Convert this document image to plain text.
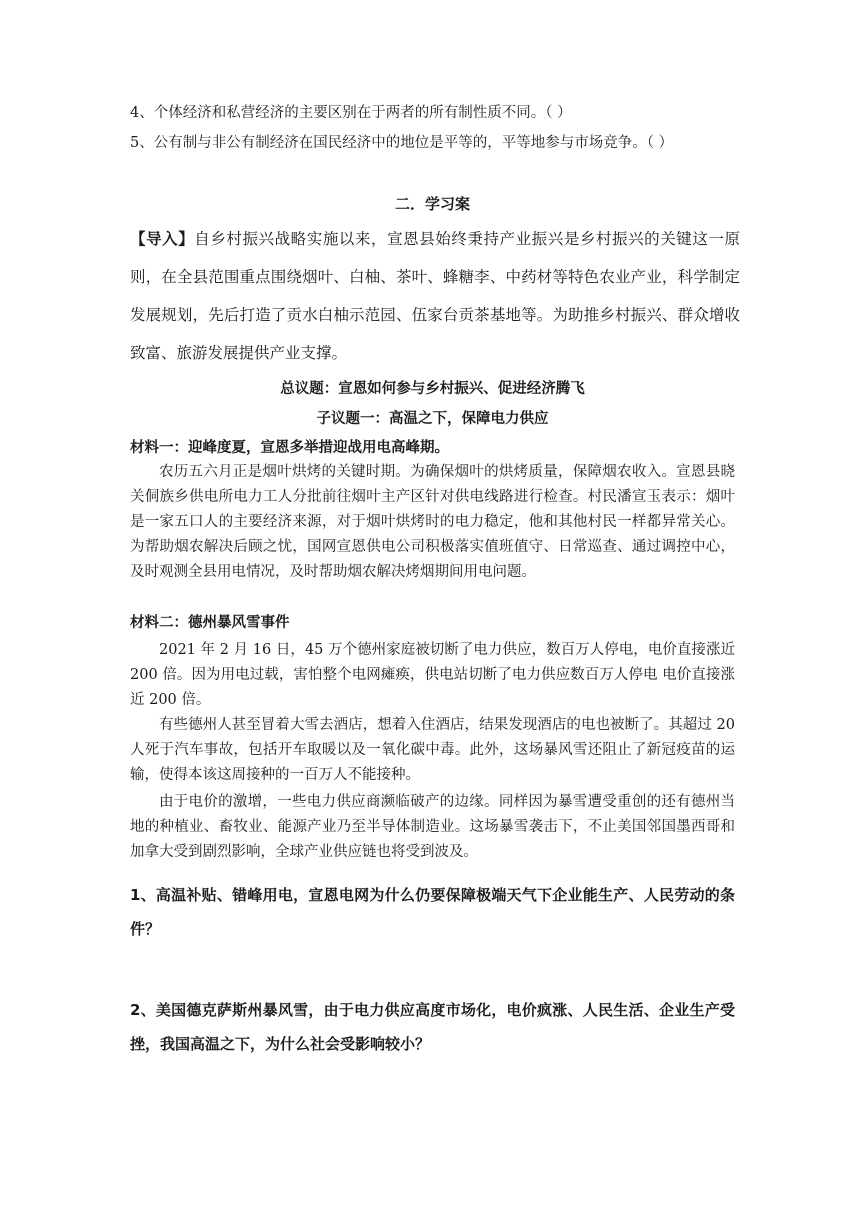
4、个体经济和私营经济的主要区别在于两者的所有制性质不同。（ ）
5、公有制与非公有制经济在国民经济中的地位是平等的，平等地参与市场竞争。（ ）
二．学习案
【导入】自乡村振兴战略实施以来，宣恩县始终秉持产业振兴是乡村振兴的关键这一原则，在全县范围重点围绕烟叶、白柚、茶叶、蜂糖李、中药材等特色农业产业，科学制定发展规划，先后打造了贡水白柚示范园、伍家台贡茶基地等。为助推乡村振兴、群众增收致富、旅游发展提供产业支撑。
总议题：宣恩如何参与乡村振兴、促进经济腾飞
子议题一：高温之下，保障电力供应
材料一：迎峰度夏，宣恩多举措迎战用电高峰期。
农历五六月正是烟叶烘烤的关键时期。为确保烟叶的烘烤质量，保障烟农收入。宣恩县晓关侗族乡供电所电力工人分批前往烟叶主产区针对供电线路进行检查。村民潘宣玉表示：烟叶是一家五口人的主要经济来源，对于烟叶烘烤时的电力稳定，他和其他村民一样都异常关心。为帮助烟农解决后顾之忧，国网宣恩供电公司积极落实值班值守、日常巡查、通过调控中心，及时观测全县用电情况，及时帮助烟农解决烤烟期间用电问题。
材料二：德州暴风雪事件
2021 年 2 月 16 日，45 万个德州家庭被切断了电力供应，数百万人停电，电价直接涨近 200 倍。因为用电过载，害怕整个电网瘫痪，供电站切断了电力供应数百万人停电 电价直接涨近 200 倍。
有些德州人甚至冒着大雪去酒店，想着入住酒店，结果发现酒店的电也被断了。其超过 20 人死于汽车事故，包括开车取暖以及一氧化碳中毒。此外，这场暴风雪还阻止了新冠疫苗的运输，使得本该这周接种的一百万人不能接种。
由于电价的激增，一些电力供应商濒临破产的边缘。同样因为暴雪遭受重创的还有德州当地的种植业、畜牧业、能源产业乃至半导体制造业。这场暴雪袭击下，不止美国邻国墨西哥和加拿大受到剧烈影响，全球产业供应链也将受到波及。
1、高温补贴、错峰用电，宣恩电网为什么仍要保障极端天气下企业能生产、人民劳动的条件？
2、美国德克萨斯州暴风雪，由于电力供应高度市场化，电价疯涨、人民生活、企业生产受挫，我国高温之下，为什么社会受影响较小？
